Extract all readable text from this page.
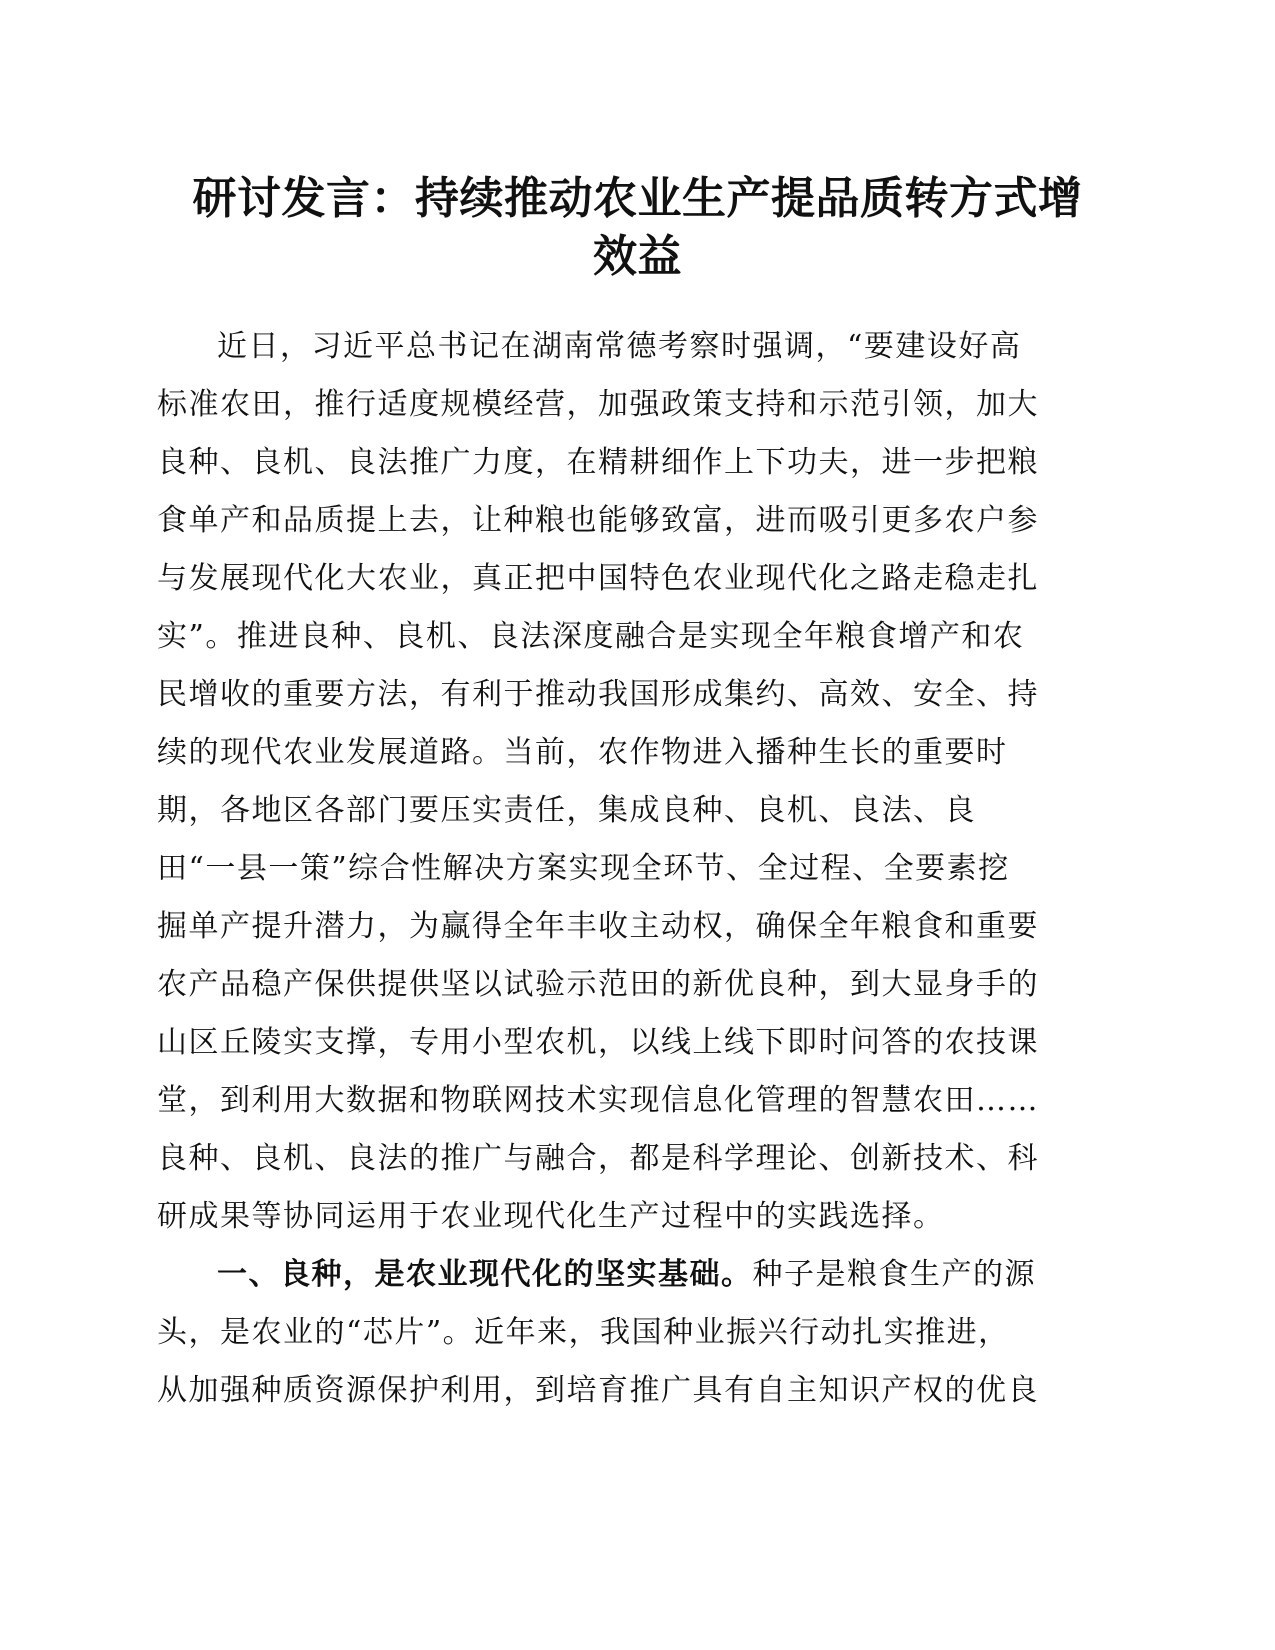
研讨发言：持续推动农业生产提品质转方式增
效益
近日，习近平总书记在湖南常德考察时强调，“要建设好高
标准农田，推行适度规模经营，加强政策支持和示范引领，加大
良种、良机、良法推广力度，在精耕细作上下功夫，进一步把粮
食单产和品质提上去，让种粮也能够致富，进而吸引更多农户参
与发展现代化大农业，真正把中国特色农业现代化之路走稳走扎
实”。推进良种、良机、良法深度融合是实现全年粮食增产和农
民增收的重要方法，有利于推动我国形成集约、高效、安全、持
续的现代农业发展道路。当前，农作物进入播种生长的重要时
期，各地区各部门要压实责任，集成良种、良机、良法、良
田“一县一策”综合性解决方案实现全环节、全过程、全要素挖
掘单产提升潜力，为赢得全年丰收主动权，确保全年粮食和重要
农产品稳产保供提供坚以试验示范田的新优良种，到大显身手的
山区丘陵实支撑，专用小型农机，以线上线下即时问答的农技课
堂，到利用大数据和物联网技术实现信息化管理的智慧农田……
良种、良机、良法的推广与融合，都是科学理论、创新技术、科
研成果等协同运用于农业现代化生产过程中的实践选择。
一、良种，是农业现代化的坚实基础。种子是粮食生产的源
头，是农业的“芯片”。近年来，我国种业振兴行动扎实推进，
从加强种质资源保护利用，到培育推广具有自主知识产权的优良
